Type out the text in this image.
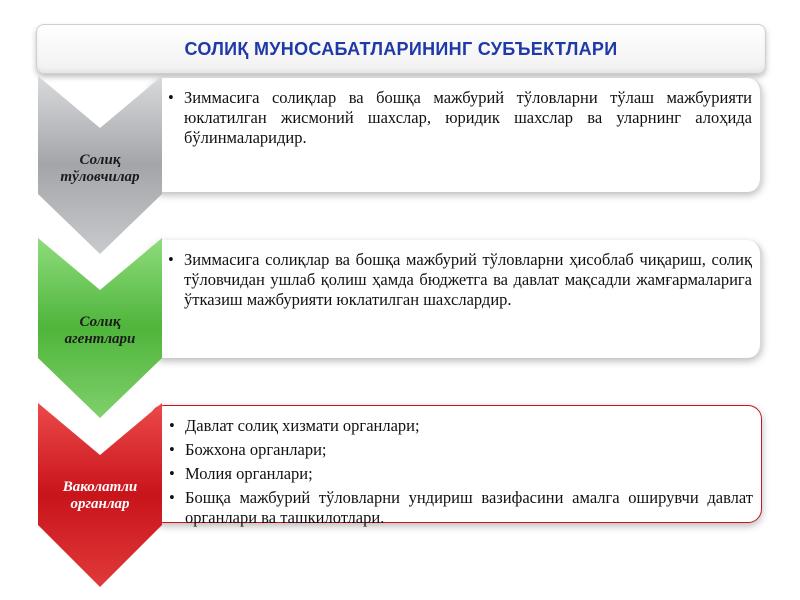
СОЛИҚ МУНОСАБАТЛАРИНИНГ СУБЪЕКТЛАРИ
• Зиммасига солиқлар ва бошқа мажбурий тўловларни тўлаш мажбурияти юклатилган жисмоний шахслар, юридик шахслар ва уларнинг алоҳида бўлинмаларидир.
Солиқ
тўловчилар
• Зиммасига солиқлар ва бошқа мажбурий тўловларни ҳисоблаб чиқариш, солиқ тўловчидан ушлаб қолиш ҳамда бюджетга ва давлат мақсадли жамғармаларига ўтказиш мажбурияти юклатилган шахслардир.
Солиқ
агентлари
• Давлат солиқ хизмати органлари;
• Божхона органлари;
• Молия органлари;
• Бошқа мажбурий тўловларни ундириш вазифасини амалга оширувчи давлат органлари ва ташкилотлари.
Ваколатли
органлар
